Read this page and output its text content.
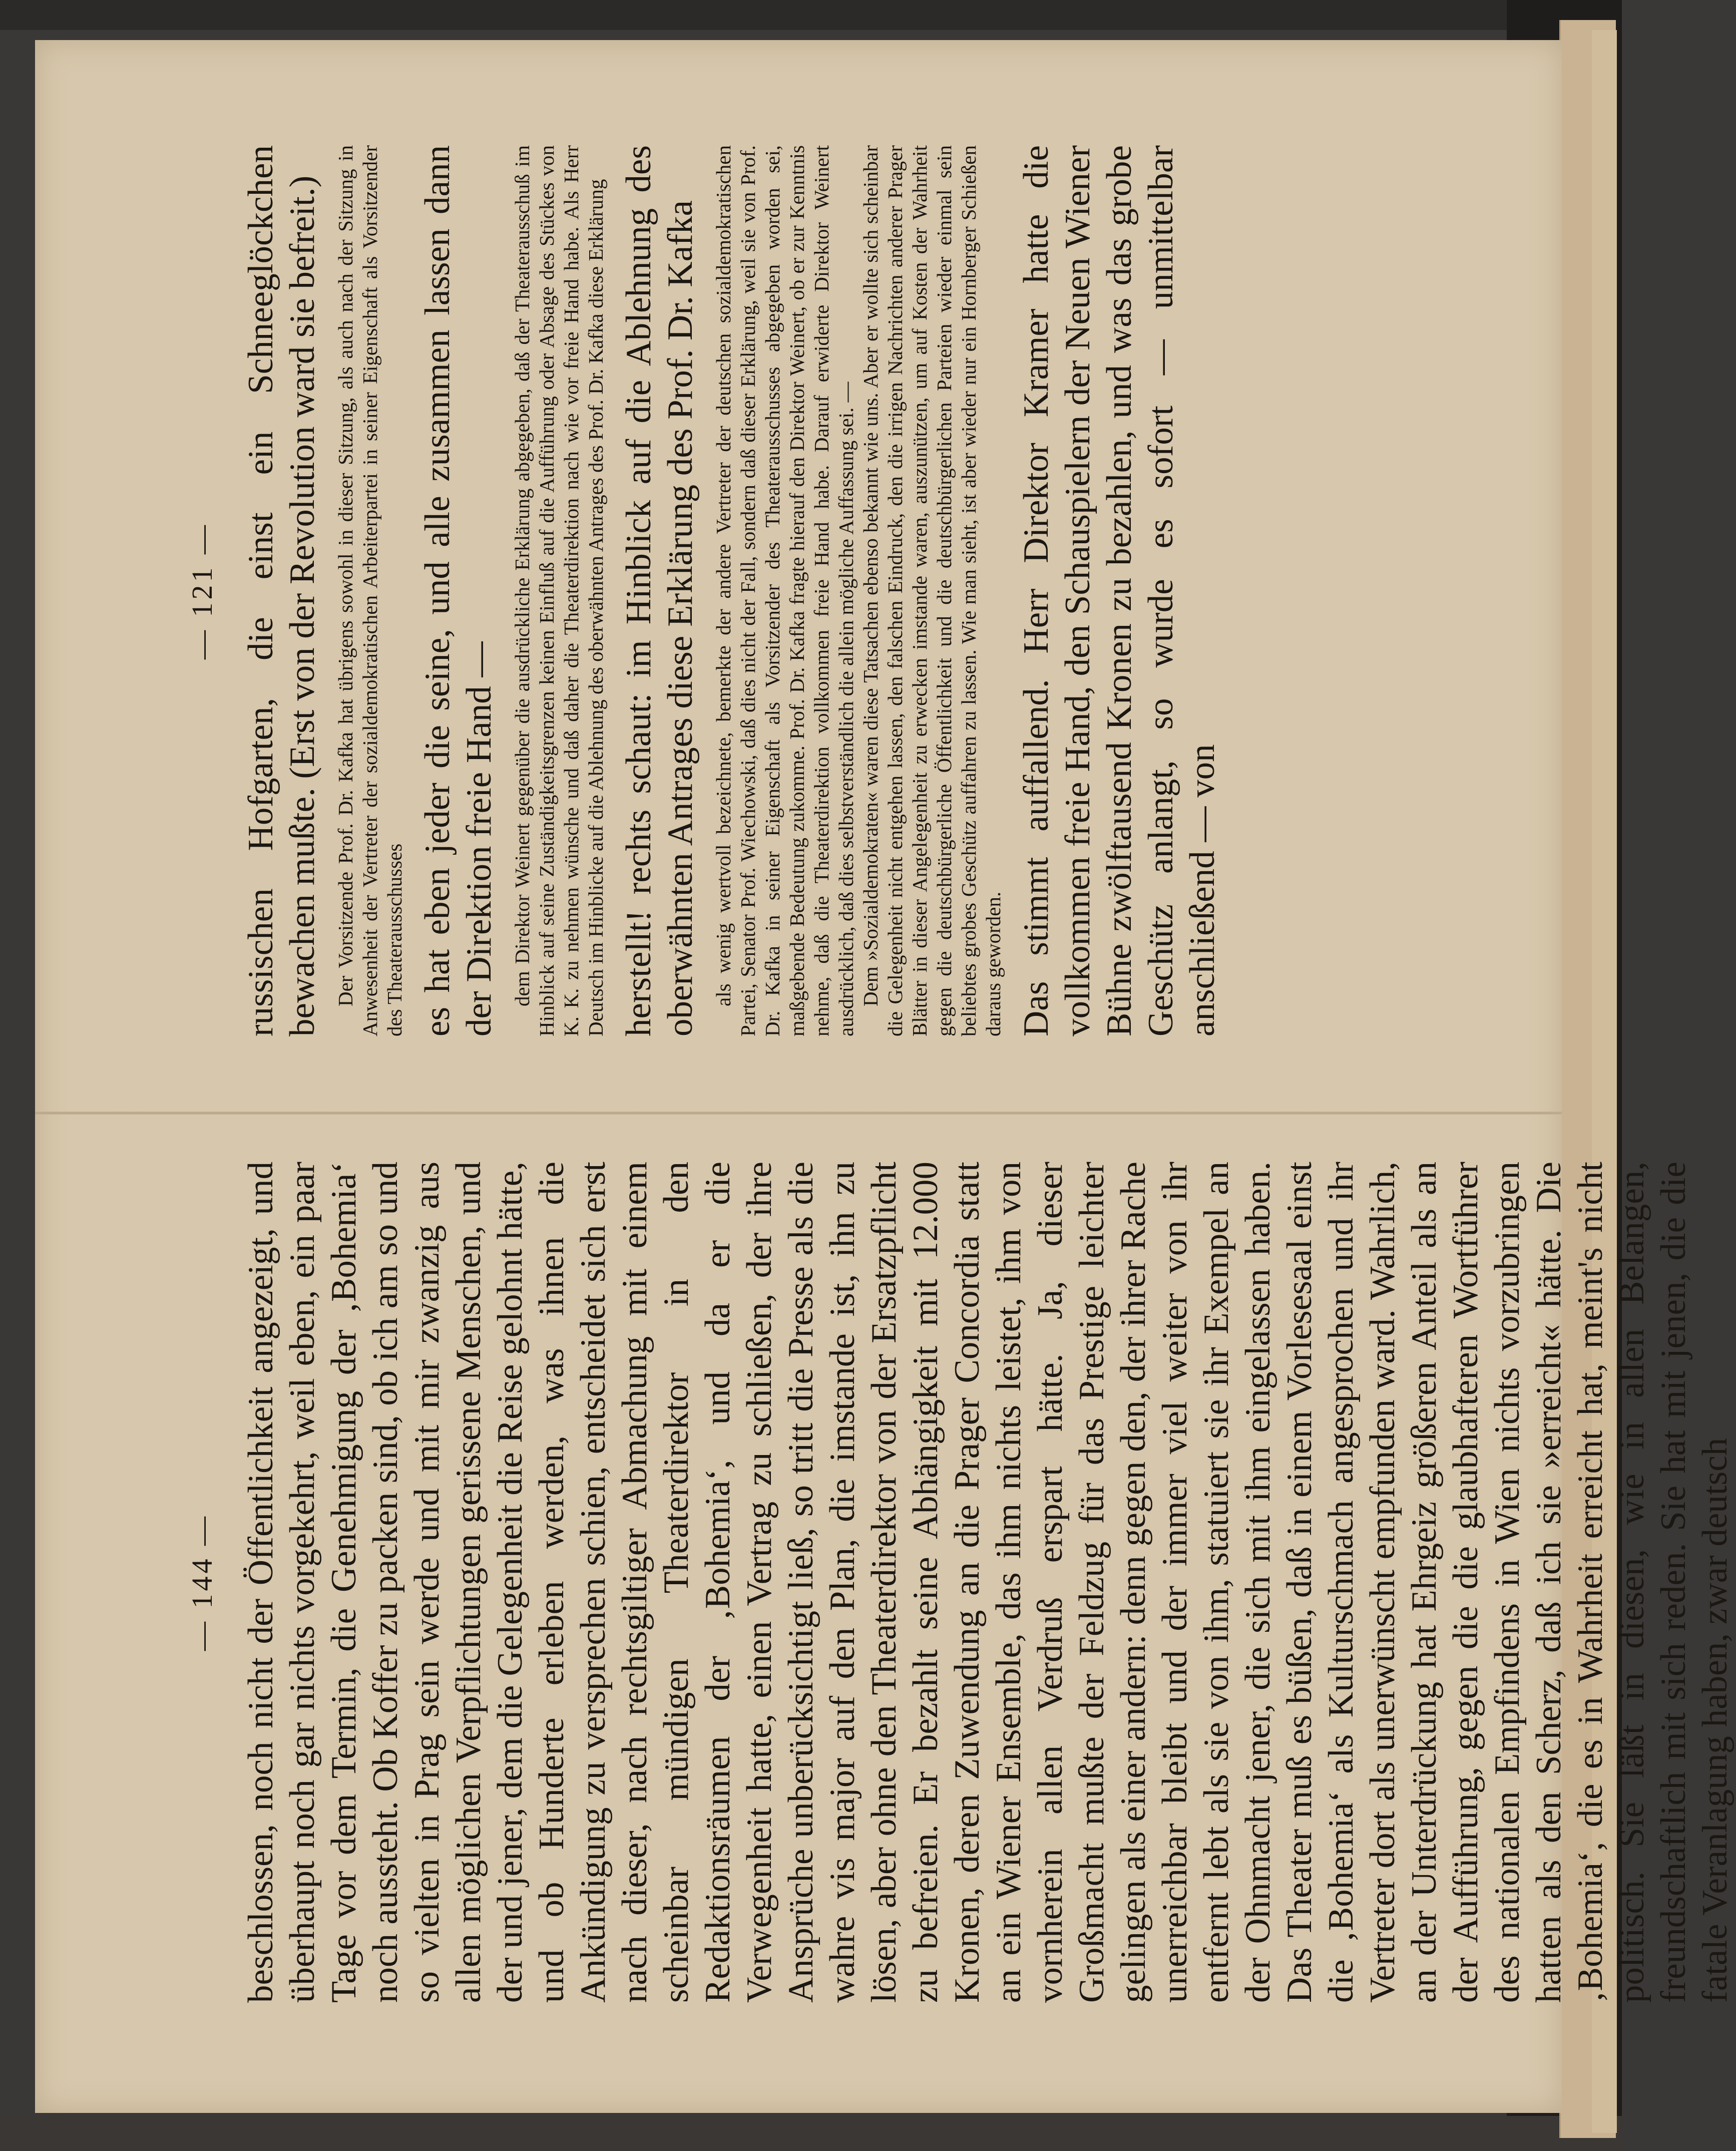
— 121 — russischen Hofgarten, die einst ein Schneeglöckchen bewachen mußte. (Erst von der Revolution ward sie befreit.) Der Vorsitzende Prof. Dr. Kafka hat übrigens sowohl in dieser Sitzung, als auch nach der Sitzung in Anwesenheit der Vertreter der sozialdemokratischen Arbeiterpartei in seiner Eigenschaft als Vorsitzender des Theaterausschusses es hat eben jeder die seine, und alle zusammen lassen dann der Direktion freie Hand — dem Direktor Weinert gegenüber die ausdrückliche Erklärung abgegeben, daß der Theaterausschuß im Hinblick auf seine Zuständigkeitsgrenzen keinen Einfluß auf die Aufführung oder Absage des Stückes von K. K. zu nehmen wünsche und daß daher die Theaterdirektion nach wie vor freie Hand habe. Als Herr Deutsch im Hinblicke auf die Ablehnung des oberwähnten Antrages des Prof. Dr. Kafka diese Erklärung herstellt! rechts schaut: im Hinblick auf die Ablehnung des oberwähnten Antrages diese Erklärung des Prof. Dr. Kafka als wenig wertvoll bezeichnete, bemerkte der andere Vertreter der deutschen sozialdemokratischen Partei, Senator Prof. Wiechowski, daß dies nicht der Fall, sondern daß dieser Erklärung, weil sie von Prof. Dr. Kafka in seiner Eigenschaft als Vorsitzender des Theaterausschusses abgegeben worden sei, maßgebende Bedeutung zukomme. Prof. Dr. Kafka fragte hierauf den Direktor Weinert, ob er zur Kenntnis nehme, daß die Theaterdirektion vollkommen freie Hand habe. Darauf erwiderte Direktor Weinert ausdrücklich, daß dies selbstverständlich die allein mögliche Auffassung sei. — Dem »Sozialdemokraten« waren diese Tatsachen ebenso bekannt wie uns. Aber er wollte sich scheinbar die Gelegenheit nicht entgehen lassen, den falschen Eindruck, den die irrigen Nachrichten anderer Prager Blätter in dieser Angelegenheit zu erwecken imstande waren, auszunützen, um auf Kosten der Wahrheit gegen die deutschbürgerliche Öffentlichkeit und die deutschbürgerlichen Parteien wieder einmal sein beliebtes grobes Geschütz auffahren zu lassen. Wie man sieht, ist aber wieder nur ein Hornberger Schießen daraus geworden. Das stimmt auffallend. Herr Direktor Kramer hatte die vollkommen freie Hand, den Schauspielern der Neuen Wiener Bühne zwölftausend Kronen zu bezahlen, und was das grobe Geschütz anlangt, so wurde es sofort — unmittelbar anschließend — von

— 144 — beschlossen, noch nicht der Öffentlichkeit angezeigt, und überhaupt noch gar nichts vorgekehrt, weil eben, ein paar Tage vor dem Termin, die Genehmigung der ‚Bohemia‘ noch aussteht. Ob Koffer zu packen sind, ob ich am so und so vielten in Prag sein werde und mit mir zwanzig aus allen möglichen Verpflichtungen gerissene Menschen, und der und jener, dem die Gelegenheit die Reise gelohnt hätte, und ob Hunderte erleben werden, was ihnen die Ankündigung zu versprechen schien, entscheidet sich erst nach dieser, nach rechtsgiltiger Abmachung mit einem scheinbar mündigen Theaterdirektor in den Redaktionsräumen der ‚Bohemia‘, und da er die Verwegenheit hatte, einen Vertrag zu schließen, der ihre Ansprüche unberücksichtigt ließ, so tritt die Presse als die wahre vis major auf den Plan, die imstande ist, ihn zu lösen, aber ohne den Theaterdirektor von der Ersatzpflicht zu befreien. Er bezahlt seine Abhängigkeit mit 12.000 Kronen, deren Zuwendung an die Prager Concordia statt an ein Wiener Ensemble, das ihm nichts leistet, ihm von vornherein allen Verdruß erspart hätte. Ja, dieser Großmacht mußte der Feldzug für das Prestige leichter gelingen als einer andern: denn gegen den, der ihrer Rache unerreichbar bleibt und der immer viel weiter von ihr entfernt lebt als sie von ihm, statuiert sie ihr Exempel an der Ohnmacht jener, die sich mit ihm eingelassen haben. Das Theater muß es büßen, daß in einem Vorlesesaal einst die ‚Bohemia‘ als Kulturschmach angesprochen und ihr Vertreter dort als unerwünscht empfunden ward. Wahrlich, an der Unterdrückung hat Ehrgeiz größeren Anteil als an der Aufführung, gegen die die glaubhafteren Wortführer des nationalen Empfindens in Wien nichts vorzubringen hatten als den Scherz, daß ich sie »erreicht« hätte. Die ‚Bohemia‘, die es in Wahrheit erreicht hat, meint's nicht politisch. Sie läßt in diesen, wie in allen Belangen, freundschaftlich mit sich reden. Sie hat mit jenen, die die fatale Veranlagung haben, zwar deutsch
